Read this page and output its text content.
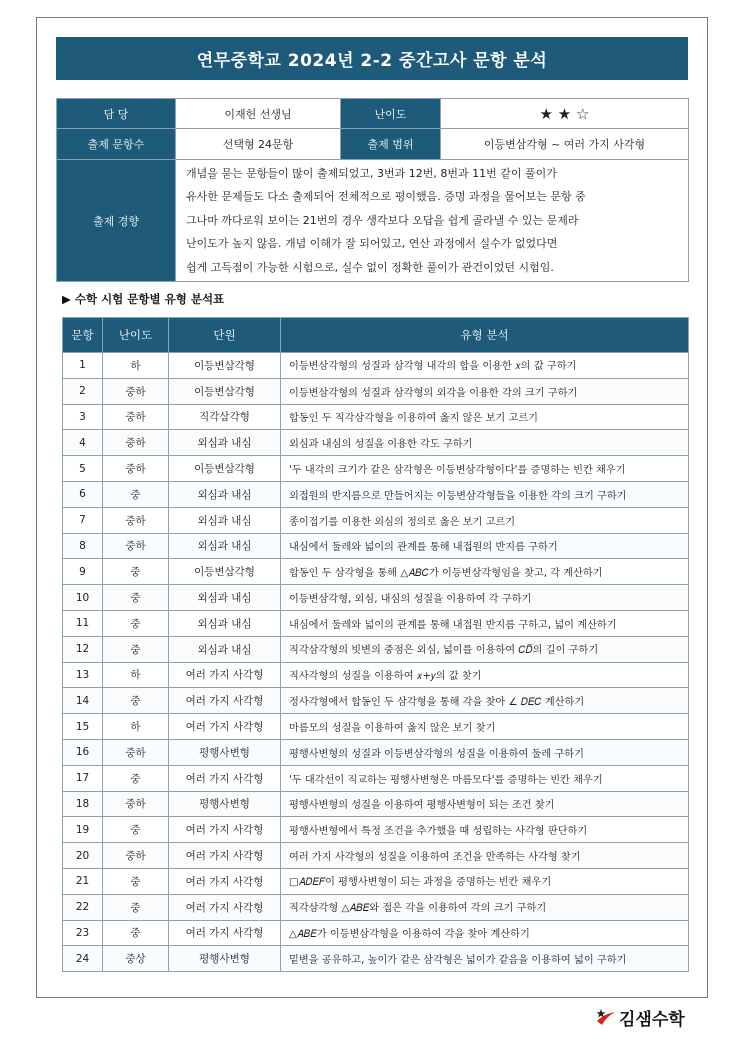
연무중학교 2024년 2-2 중간고사 문항 분석
담 당	이재헌 선생님	난이도	★ ★ ☆
출제 문항수	선택형 24문항	출제 범위	이등변삼각형 ~ 여러 가지 사각형
출제 경향	개념을 묻는 문항들이 많이 출제되었고, 3번과 12번, 8번과 11번 같이 풀이가
유사한 문제들도 다소 출제되어 전체적으로 평이했음. 증명 과정을 물어보는 문항 중
그나마 까다로워 보이는 21번의 경우 생각보다 오답을 쉽게 골라낼 수 있는 문제라
난이도가 높지 않음. 개념 이해가 잘 되어있고, 연산 과정에서 실수가 없었다면
쉽게 고득점이 가능한 시험으로, 실수 없이 정확한 풀이가 관건이었던 시험임.		
▶ 수학 시험 문항별 유형 분석표
문항	난이도	단원	유형 분석
1	하	이등변삼각형	이등변삼각형의 성질과 삼각형 내각의 합을 이용한 𝑥의 값 구하기
2	중하	이등변삼각형	이등변삼각형의 성질과 삼각형의 외각을 이용한 각의 크기 구하기
3	중하	직각삼각형	합동인 두 직각삼각형을 이용하여 옳지 않은 보기 고르기
4	중하	외심과 내심	외심과 내심의 성질을 이용한 각도 구하기
5	중하	이등변삼각형	'두 내각의 크기가 같은 삼각형은 이등변삼각형이다'를 증명하는 빈칸 채우기
6	중	외심과 내심	외접원의 반지름으로 만들어지는 이등변삼각형들을 이용한 각의 크기 구하기
7	중하	외심과 내심	종이접기를 이용한 외심의 정의로 옳은 보기 고르기
8	중하	외심과 내심	내심에서 둘레와 넓이의 관계를 통해 내접원의 반지름 구하기
9	중	이등변삼각형	합동인 두 삼각형을 통해 △𝐴𝐵𝐶가 이등변삼각형임을 찾고, 각 계산하기
10	중	외심과 내심	이등변삼각형, 외심, 내심의 성질을 이용하여 각 구하기
11	중	외심과 내심	내심에서 둘레와 넓이의 관계를 통해 내접원 반지름 구하고, 넓이 계산하기
12	중	외심과 내심	직각삼각형의 빗변의 중점은 외심, 넓이를 이용하여 𝐶𝐷̅의 길이 구하기
13	하	여러 가지 사각형	직사각형의 성질을 이용하여 𝑥+𝑦의 값 찾기
14	중	여러 가지 사각형	정사각형에서 합동인 두 삼각형을 통해 각을 찾아 ∠ 𝐷𝐸𝐶 계산하기
15	하	여러 가지 사각형	마름모의 성질을 이용하여 옳지 않은 보기 찾기
16	중하	평행사변형	평행사변형의 성질과 이등변삼각형의 성질을 이용하여 둘레 구하기
17	중	여러 가지 사각형	'두 대각선이 직교하는 평행사변형은 마름모다'를 증명하는 빈칸 채우기
18	중하	평행사변형	평행사변형의 성질을 이용하여 평행사변형이 되는 조건 찾기
19	중	여러 가지 사각형	평행사변형에서 특정 조건을 추가했을 때 성립하는 사각형 판단하기
20	중하	여러 가지 사각형	여러 가지 사각형의 성질을 이용하여 조건을 만족하는 사각형 찾기
21	중	여러 가지 사각형	□𝐴𝐷𝐸𝐹이 평행사변형이 되는 과정을 증명하는 빈칸 채우기
22	중	여러 가지 사각형	직각삼각형 △𝐴𝐵𝐸와 접은 각을 이용하여 각의 크기 구하기
23	중	여러 가지 사각형	△𝐴𝐵𝐸가 이등변삼각형을 이용하여 각을 찾아 계산하기
24	중상	평행사변형	밑변을 공유하고, 높이가 같은 삼각형은 넓이가 같음을 이용하여 넓이 구하기
김샘수학
